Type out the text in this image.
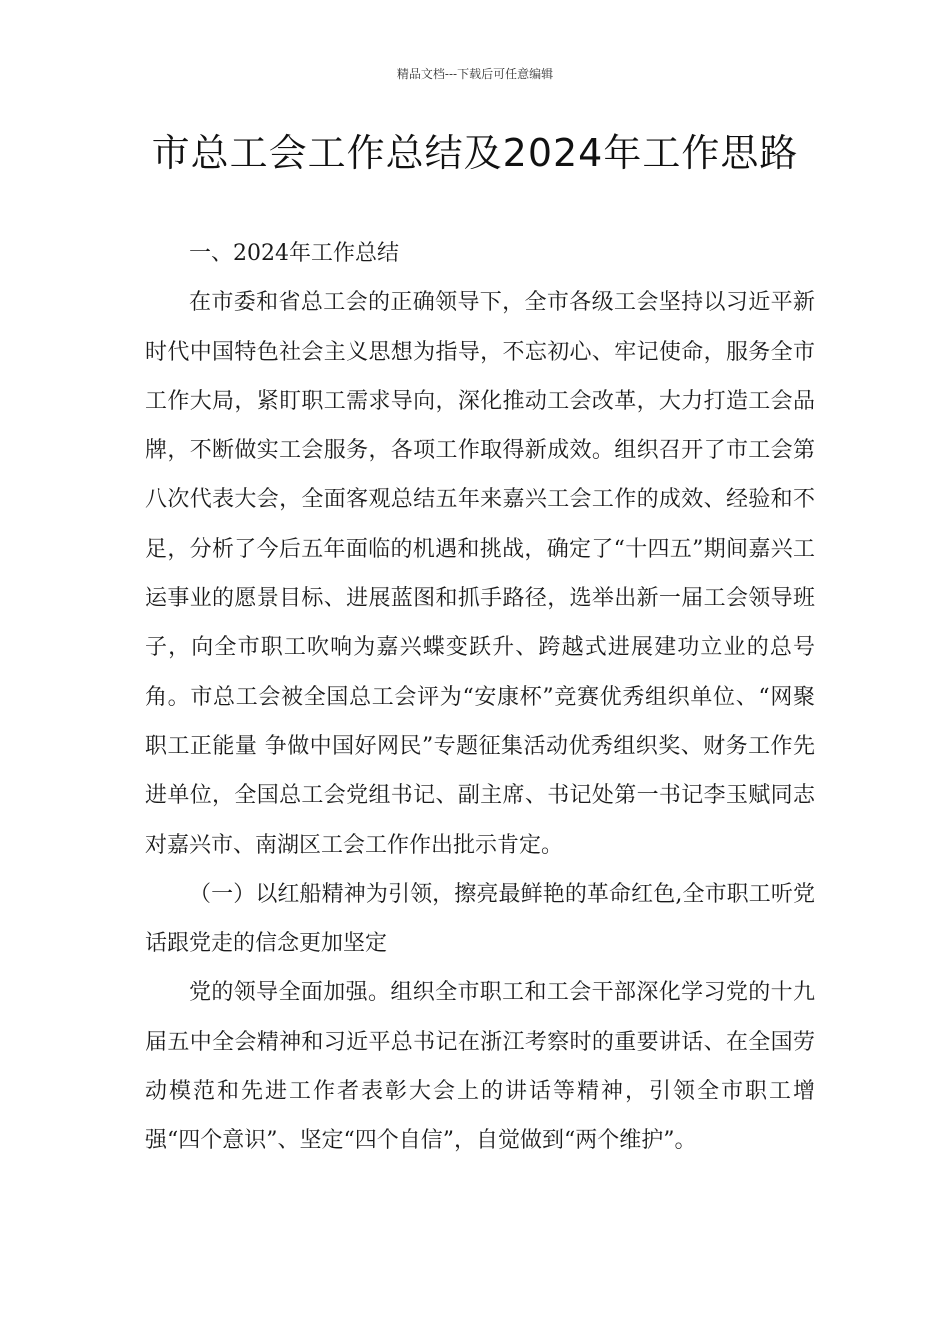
精品文档---下载后可任意编辑
市总工会工作总结及2024年工作思路

一、2024年工作总结

在市委和省总工会的正确领导下，全市各级工会坚持以习近平新时代中国特色社会主义思想为指导，不忘初心、牢记使命，服务全市工作大局，紧盯职工需求导向，深化推动工会改革，大力打造工会品牌，不断做实工会服务，各项工作取得新成效。组织召开了市工会第八次代表大会，全面客观总结五年来嘉兴工会工作的成效、经验和不足，分析了今后五年面临的机遇和挑战，确定了“十四五”期间嘉兴工运事业的愿景目标、进展蓝图和抓手路径，选举出新一届工会领导班子，向全市职工吹响为嘉兴蝶变跃升、跨越式进展建功立业的总号角。市总工会被全国总工会评为“安康杯”竞赛优秀组织单位、“网聚职工正能量 争做中国好网民”专题征集活动优秀组织奖、财务工作先进单位，全国总工会党组书记、副主席、书记处第一书记李玉赋同志对嘉兴市、南湖区工会工作作出批示肯定。

（一）以红船精神为引领，擦亮最鲜艳的革命红色,全市职工听党话跟党走的信念更加坚定

党的领导全面加强。组织全市职工和工会干部深化学习党的十九届五中全会精神和习近平总书记在浙江考察时的重要讲话、在全国劳动模范和先进工作者表彰大会上的讲话等精神，引领全市职工增强“四个意识”、坚定“四个自信”，自觉做到“两个维护”。
